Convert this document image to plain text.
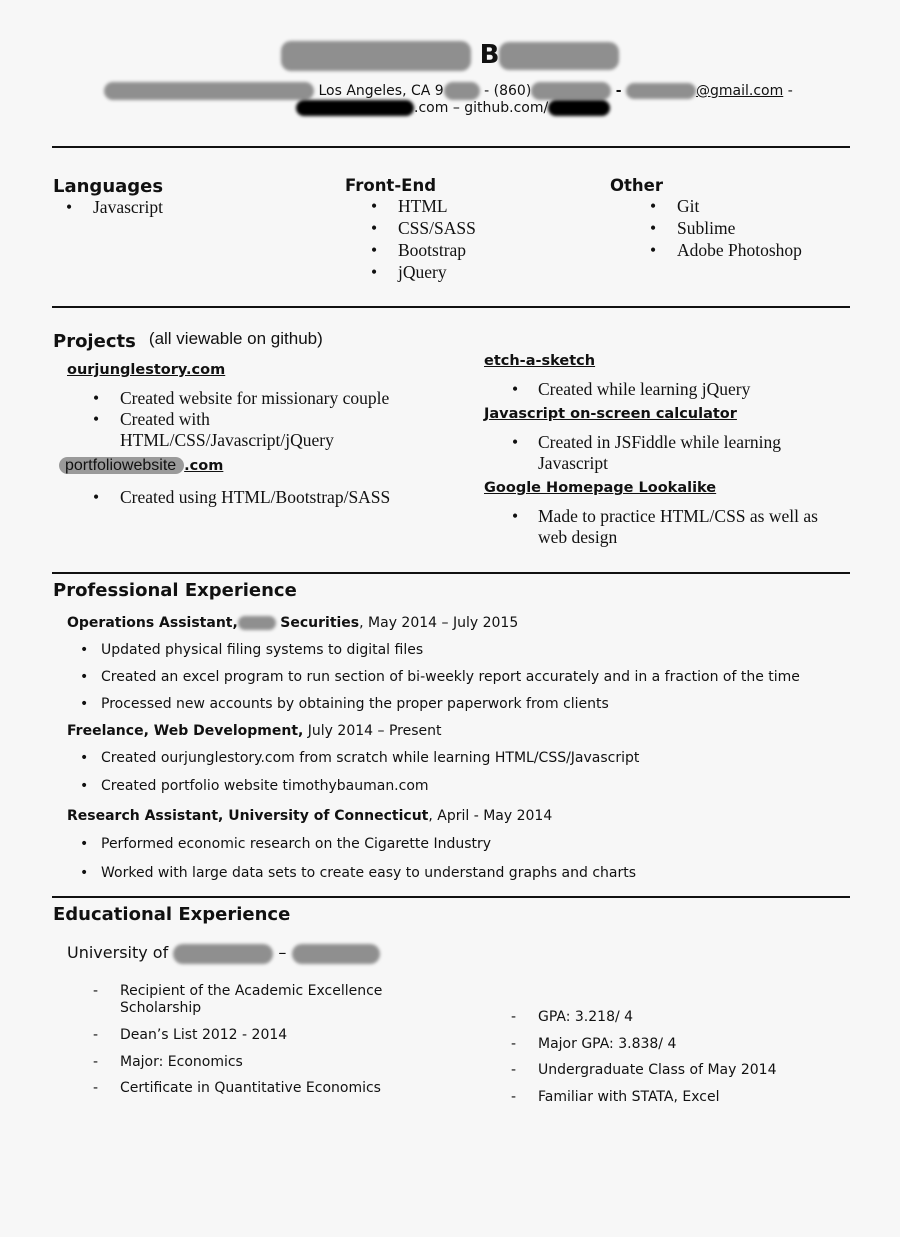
B
Los Angeles, CA 9	- (860)	-	@gmail.com -
.com – github.com/
Languages
• Javascript
Front-End
• HTML
• CSS/SASS
• Bootstrap
• jQuery
Other
• Git
• Sublime
• Adobe Photoshop
Projects (all viewable on github)
ourjunglestory.com
• Created website for missionary couple
• Created with
HTML/CSS/Javascript/jQuery
portfoliowebsite .com
• Created using HTML/Bootstrap/SASS
etch-a-sketch
• Created while learning jQuery
Javascript on-screen calculator
• Created in JSFiddle while learning
Javascript
Google Homepage Lookalike
• Made to practice HTML/CSS as well as
web design
Professional Experience
Operations Assistant,	Securities, May 2014 – July 2015
• Updated physical filing systems to digital files
• Created an excel program to run section of bi-weekly report accurately and in a fraction of the time
• Processed new accounts by obtaining the proper paperwork from clients
Freelance, Web Development, July 2014 – Present
• Created ourjunglestory.com from scratch while learning HTML/CSS/Javascript
• Created portfolio website timothybauman.com
Research Assistant, University of Connecticut, April - May 2014
• Performed economic research on the Cigarette Industry
• Worked with large data sets to create easy to understand graphs and charts
Educational Experience
University of	–
- Recipient of the Academic Excellence
Scholarship
- Dean’s List 2012 - 2014
- Major: Economics
- Certificate in Quantitative Economics
- GPA: 3.218/ 4
- Major GPA: 3.838/ 4
- Undergraduate Class of May 2014
- Familiar with STATA, Excel
